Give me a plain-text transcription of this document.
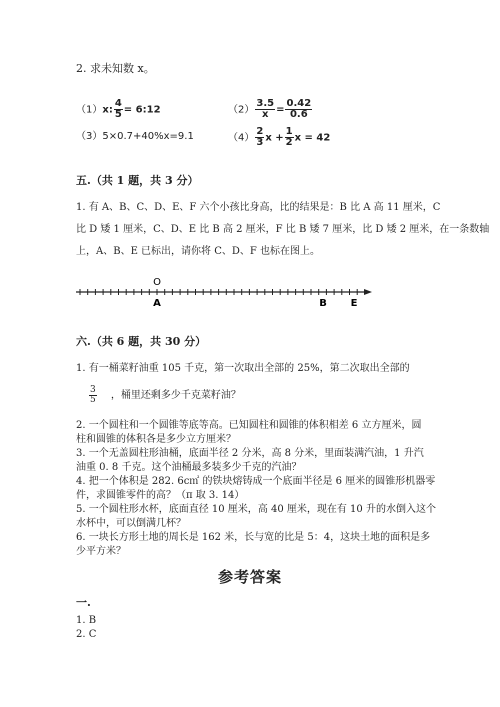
2. 求未知数 x。
（1）x: $\frac{4}{5}$ = 6:12	$(2) \frac{3.5}{x} = \frac{0.42}{0.6}$
（3）5×0.7+40%x=9.1	$(4) \frac{2}{3}$ $x + \frac{1}{2}$ x = 42
五.（共 1 题，共 3 分）
1. 有 A、B、C、D、E、F 六个小孩比身高，比的结果是：B 比 A 高 11 厘米，C
比 D 矮 1 厘米，C、D、E 比 B 高 2 厘米，F 比 B 矮 7 厘米，比 D 矮 2 厘米，在一条数轴
上，A、B、E 已标出，请你将 C、D、F 也标在图上。
O
A	B E
六.（共 6 题，共 30 分）
1. 有一桶菜籽油重 105 千克，第一次取出全部的 25%，第二次取出全部的
$\frac{3}{5}$ ，桶里还剩多少千克菜籽油？
2. 一个圆柱和一个圆锥等底等高。已知圆柱和圆锥的体积相差 6 立方厘米，圆
柱和圆锥的体积各是多少立方厘米？
3. 一个无盖圆柱形油桶，底面半径 2 分米，高 8 分米，里面装满汽油，1 升汽
油重 0. 8 千克。这个油桶最多装多少千克的汽油？
4. 把一个体积是 282. 6c㎡ 的铁块熔铸成一个底面半径是 6 厘米的圆锥形机器零
件，求圆锥零件的高？（π 取 3. 14）
5. 一个圆柱形水杯，底面直径 10 厘米，高 40 厘米，现在有 10 升的水倒入这个
水杯中，可以倒满几杯？
6. 一块长方形土地的周长是 162 米，长与宽的比是 5：4，这块土地的面积是多
少平方米？
参考答案
一.
1. B
2. C
